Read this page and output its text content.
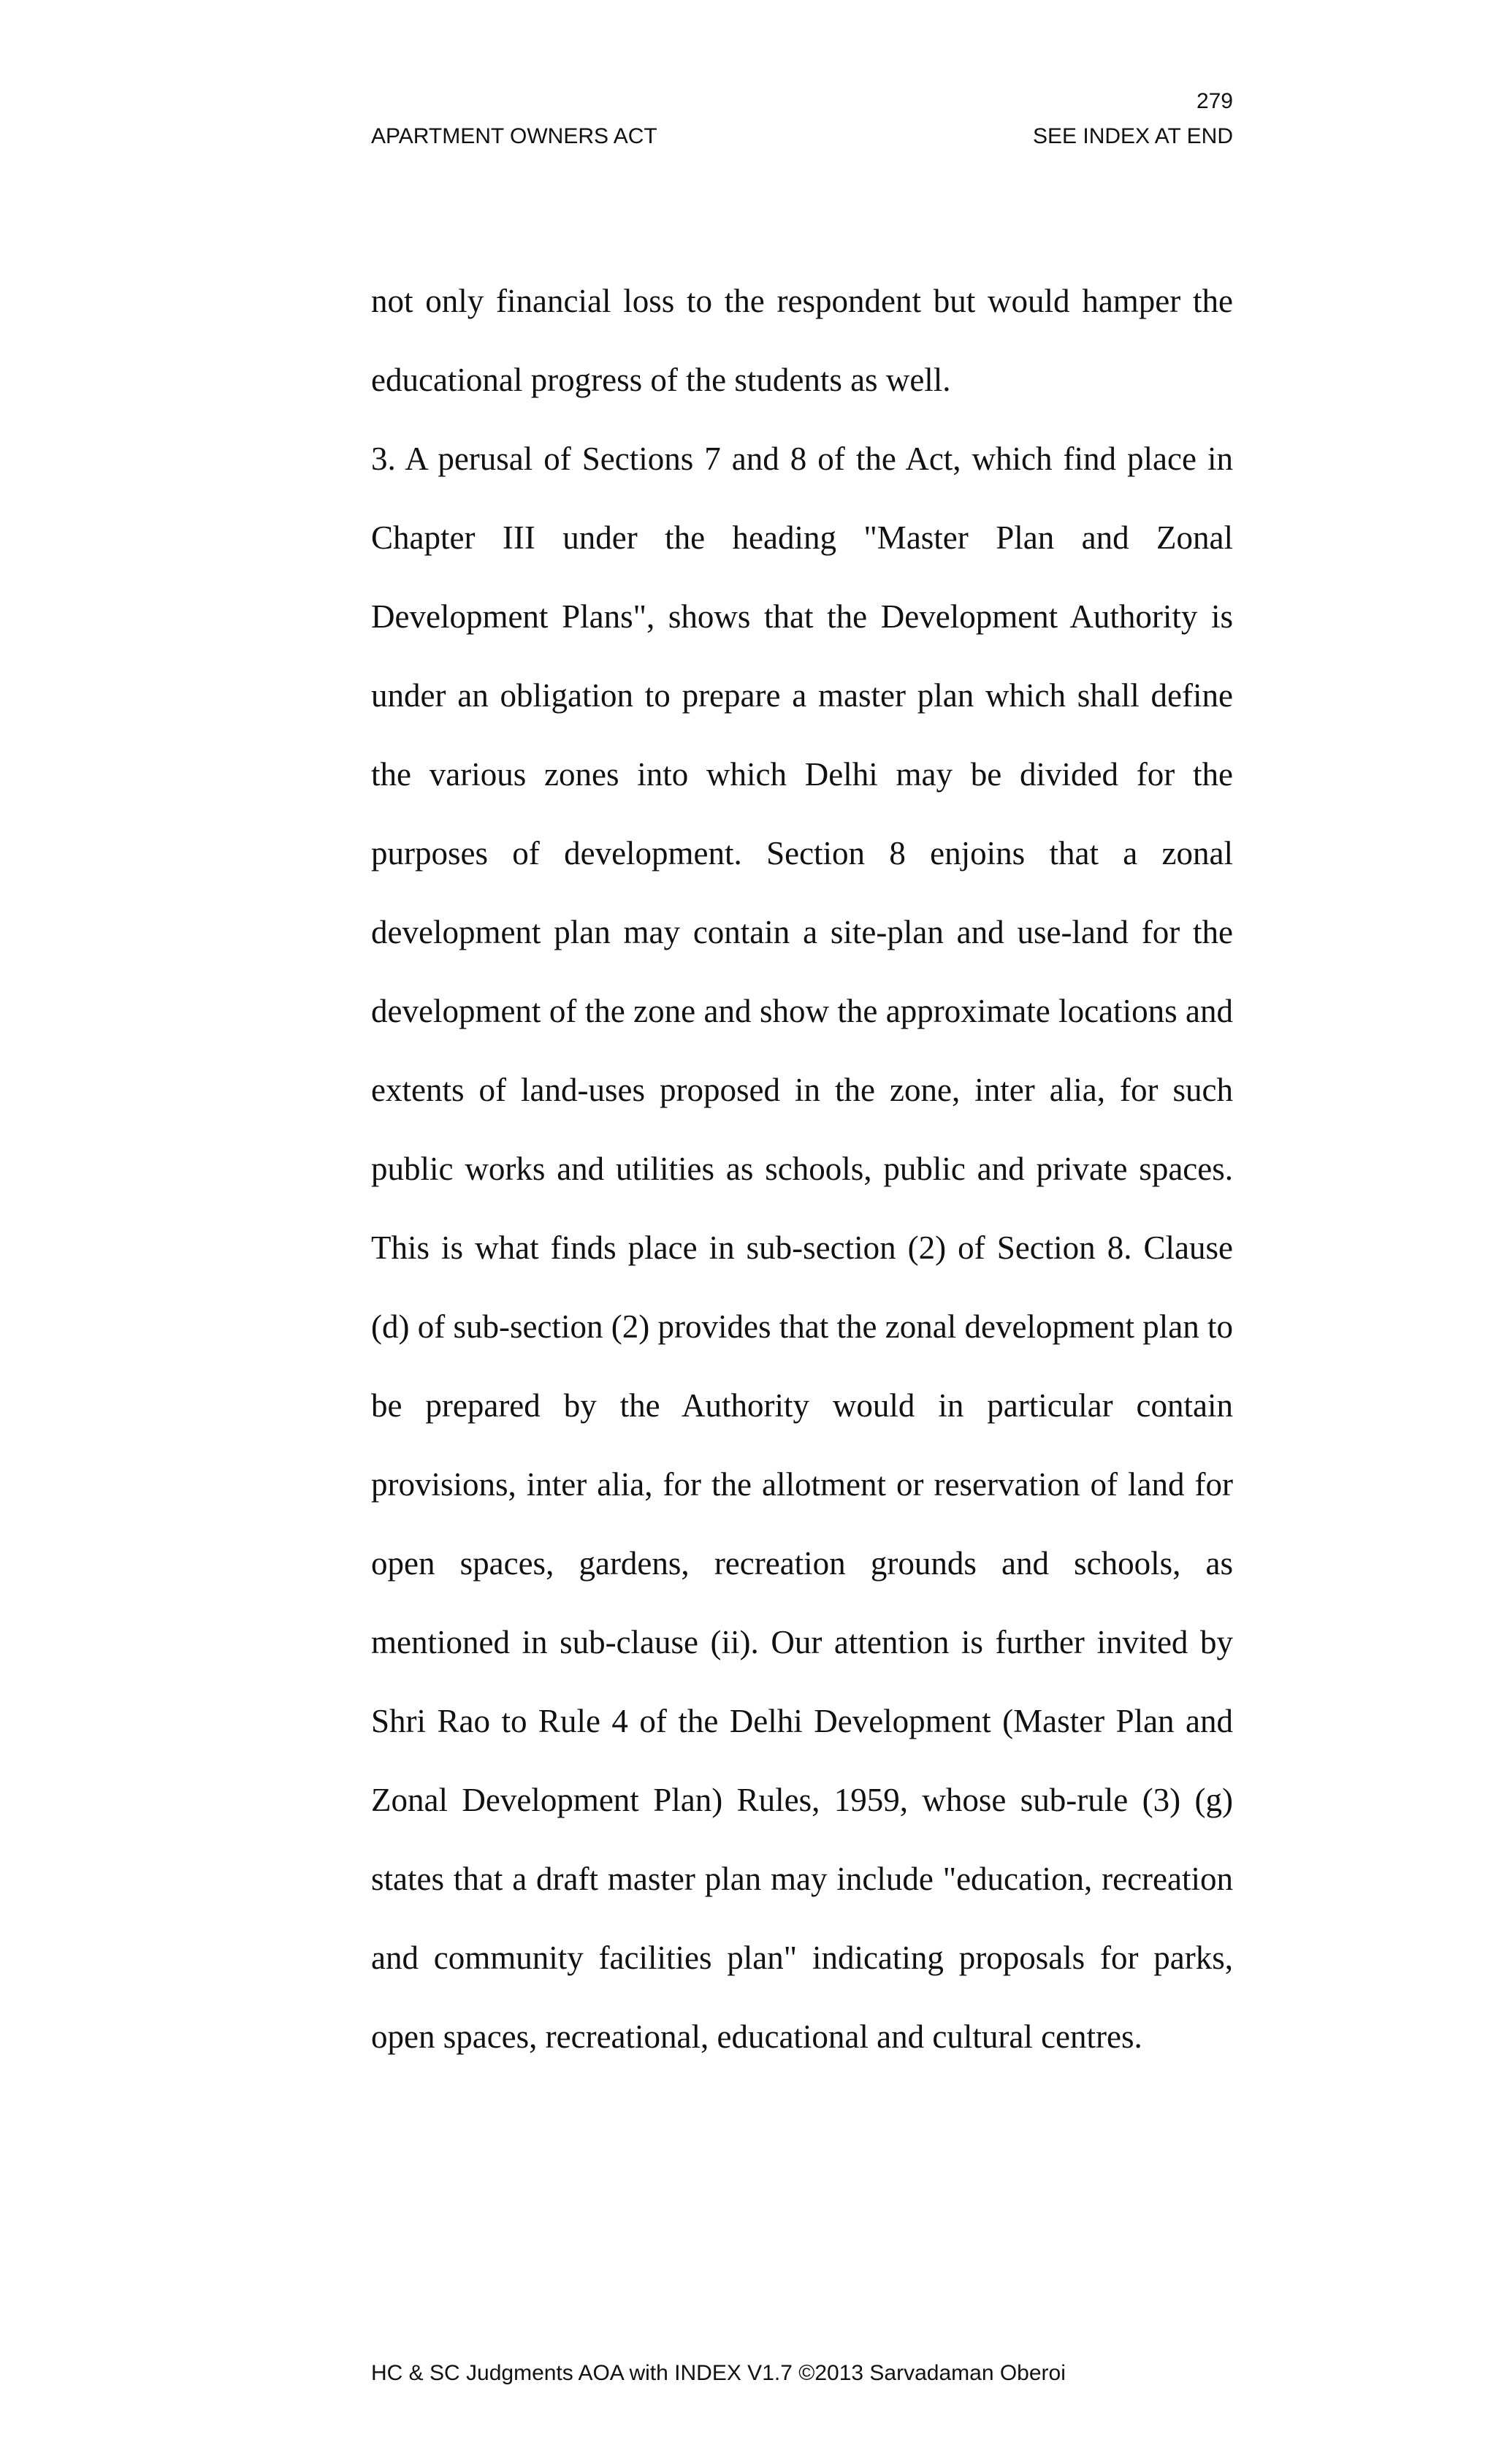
279
APARTMENT OWNERS ACT	SEE INDEX AT END

not only financial loss to the respondent but would hamper the educational progress of the students as well.

3. A perusal of Sections 7 and 8 of the Act, which find place in Chapter III under the heading "Master Plan and Zonal Development Plans", shows that the Development Authority is under an obligation to prepare a master plan which shall define the various zones into which Delhi may be divided for the purposes of development. Section 8 enjoins that a zonal development plan may contain a site-plan and use-land for the development of the zone and show the approximate locations and extents of land-uses proposed in the zone, inter alia, for such public works and utilities as schools, public and private spaces. This is what finds place in sub-section (2) of Section 8. Clause (d) of sub-section (2) provides that the zonal development plan to be prepared by the Authority would in particular contain provisions, inter alia, for the allotment or reservation of land for open spaces, gardens, recreation grounds and schools, as mentioned in sub-clause (ii). Our attention is further invited by Shri Rao to Rule 4 of the Delhi Development (Master Plan and Zonal Development Plan) Rules, 1959, whose sub-rule (3) (g) states that a draft master plan may include "education, recreation and community facilities plan" indicating proposals for parks, open spaces, recreational, educational and cultural centres.

HC & SC Judgments AOA with INDEX V1.7 ©2013 Sarvadaman Oberoi
